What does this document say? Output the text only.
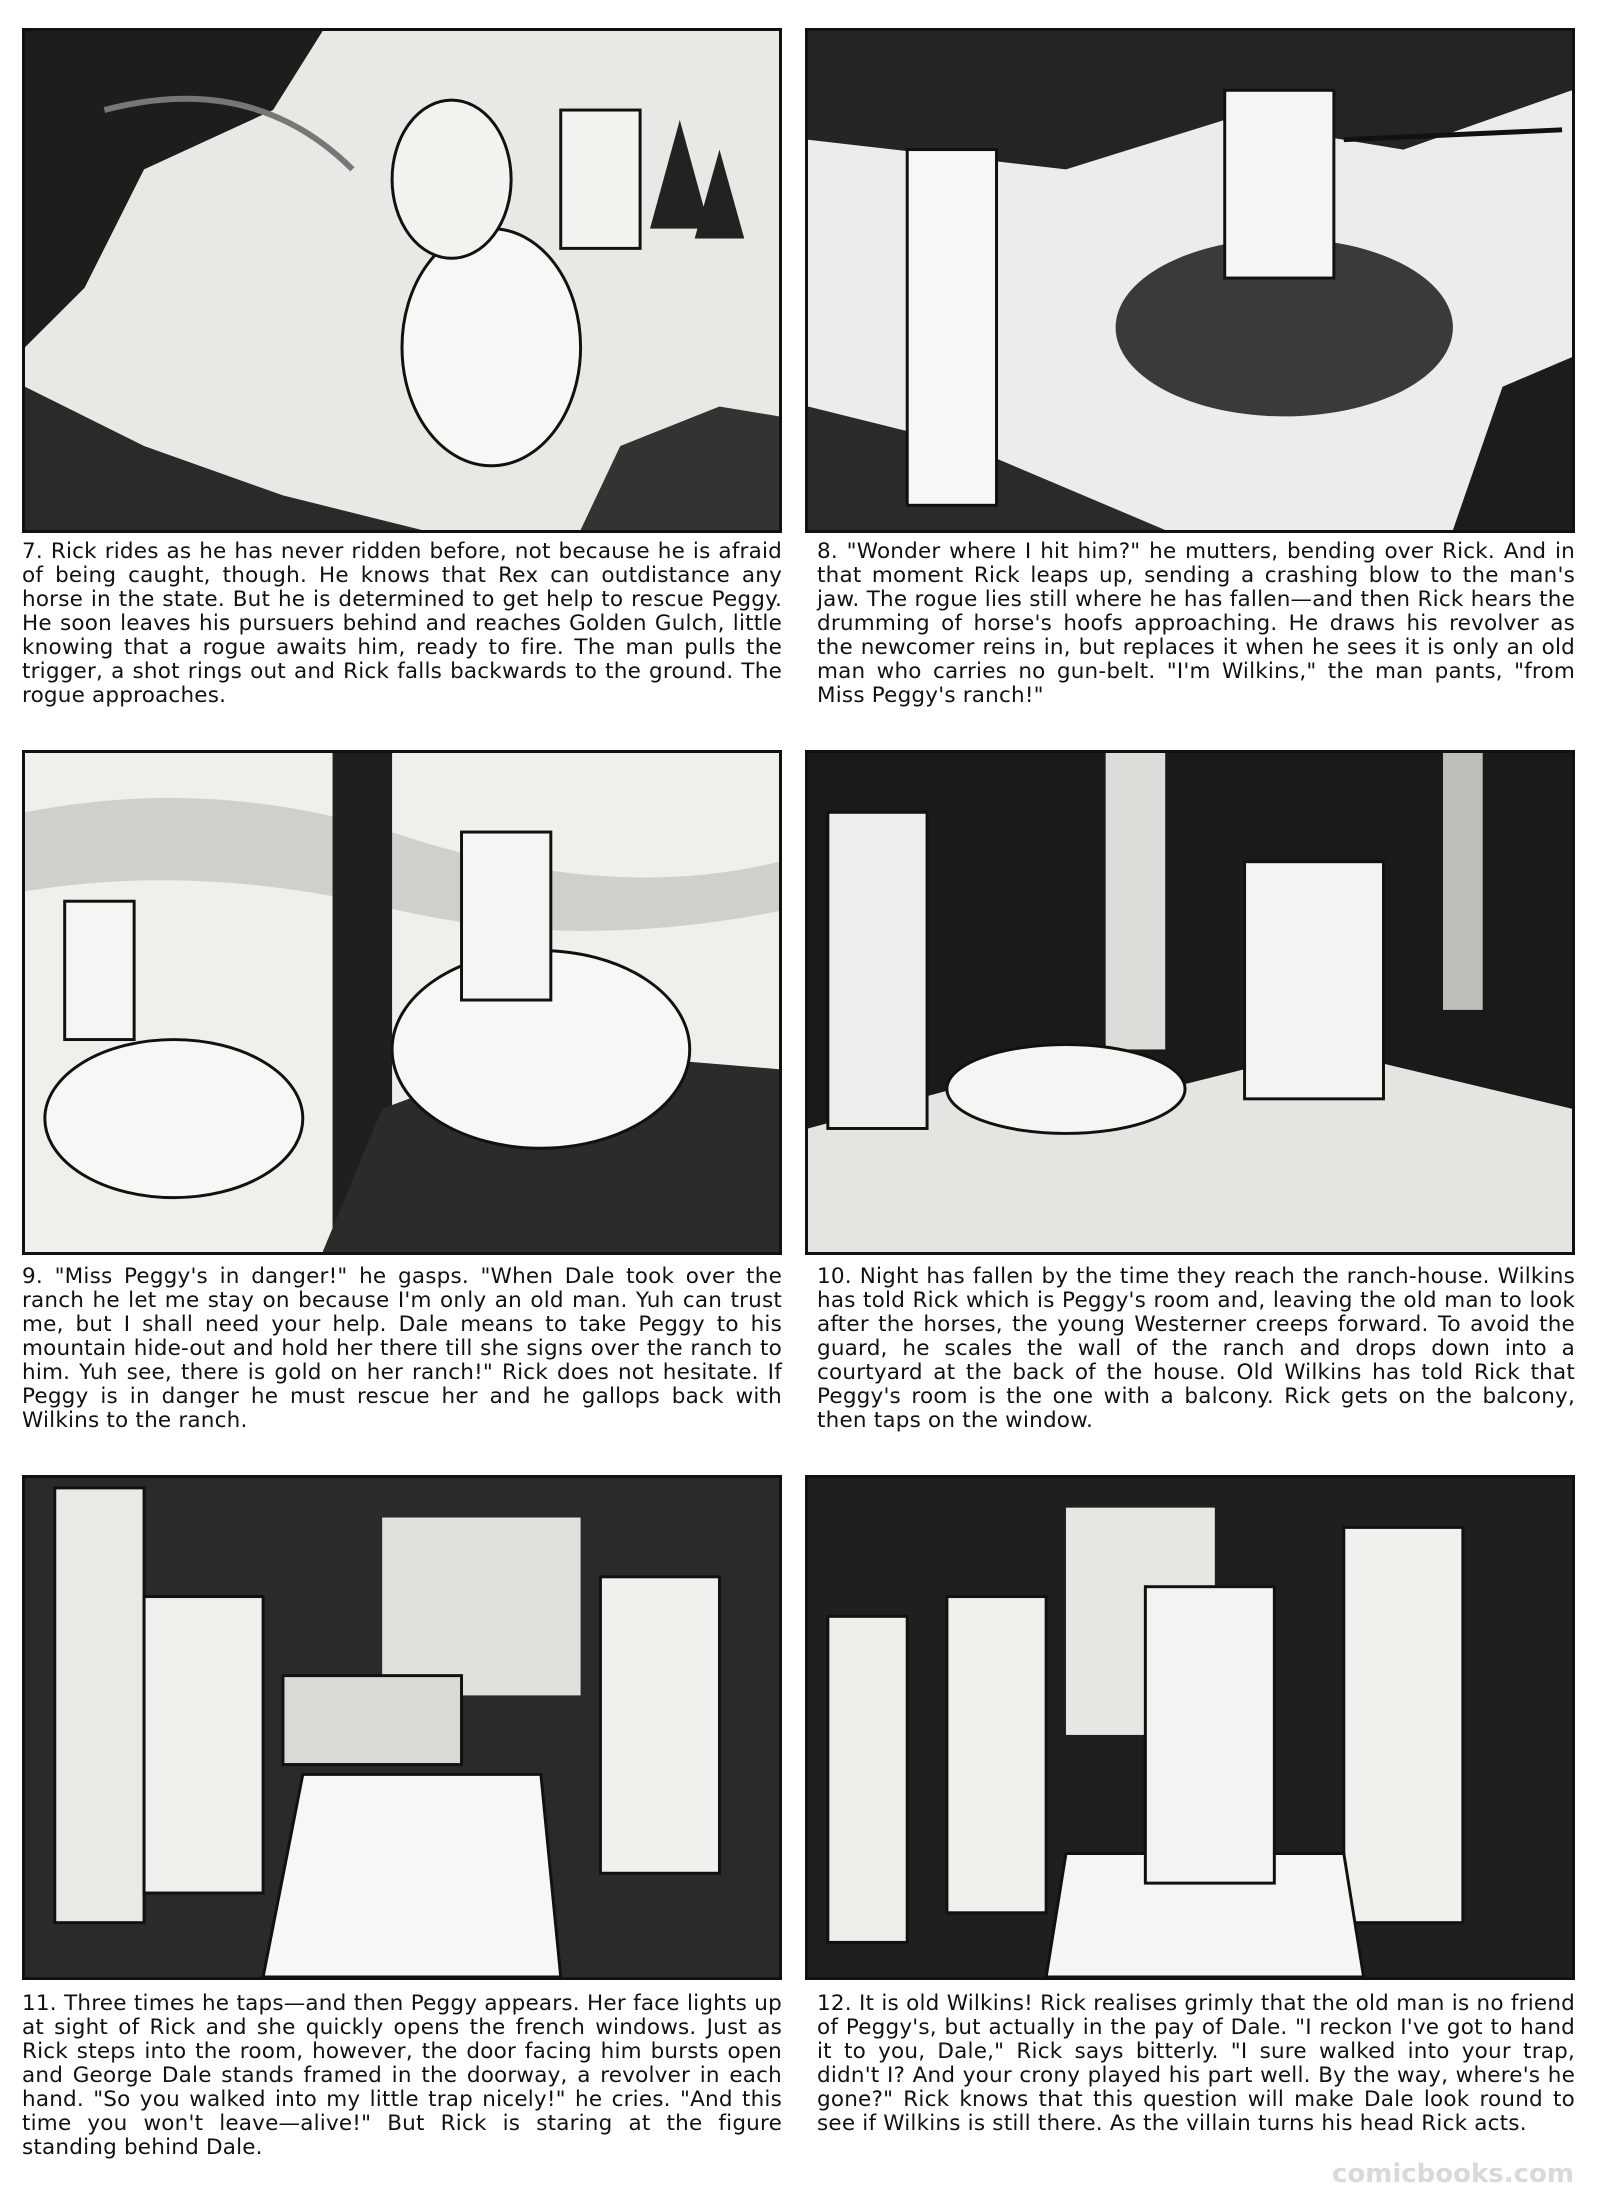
7. Rick rides as he has never ridden before, not because he is afraid of being caught, though. He knows that Rex can outdistance any horse in the state. But he is determined to get help to rescue Peggy. He soon leaves his pursuers behind and reaches Golden Gulch, little knowing that a rogue awaits him, ready to fire. The man pulls the trigger, a shot rings out and Rick falls backwards to the ground. The rogue approaches.

8. "Wonder where I hit him?" he mutters, bending over Rick. And in that moment Rick leaps up, sending a crashing blow to the man's jaw. The rogue lies still where he has fallen—and then Rick hears the drumming of horse's hoofs approaching. He draws his revolver as the newcomer reins in, but replaces it when he sees it is only an old man who carries no gun-belt. "I'm Wilkins," the man pants, "from Miss Peggy's ranch!"

9. "Miss Peggy's in danger!" he gasps. "When Dale took over the ranch he let me stay on because I'm only an old man. Yuh can trust me, but I shall need your help. Dale means to take Peggy to his mountain hide-out and hold her there till she signs over the ranch to him. Yuh see, there is gold on her ranch!" Rick does not hesitate. If Peggy is in danger he must rescue her and he gallops back with Wilkins to the ranch.

10. Night has fallen by the time they reach the ranch-house. Wilkins has told Rick which is Peggy's room and, leaving the old man to look after the horses, the young Westerner creeps forward. To avoid the guard, he scales the wall of the ranch and drops down into a courtyard at the back of the house. Old Wilkins has told Rick that Peggy's room is the one with a balcony. Rick gets on the balcony, then taps on the window.

11. Three times he taps—and then Peggy appears. Her face lights up at sight of Rick and she quickly opens the french windows. Just as Rick steps into the room, however, the door facing him bursts open and George Dale stands framed in the doorway, a revolver in each hand. "So you walked into my little trap nicely!" he cries. "And this time you won't leave—alive!" But Rick is staring at the figure standing behind Dale.

12. It is old Wilkins! Rick realises grimly that the old man is no friend of Peggy's, but actually in the pay of Dale. "I reckon I've got to hand it to you, Dale," Rick says bitterly. "I sure walked into your trap, didn't I? And your crony played his part well. By the way, where's he gone?" Rick knows that this question will make Dale look round to see if Wilkins is still there. As the villain turns his head Rick acts.

comicbooks.com
